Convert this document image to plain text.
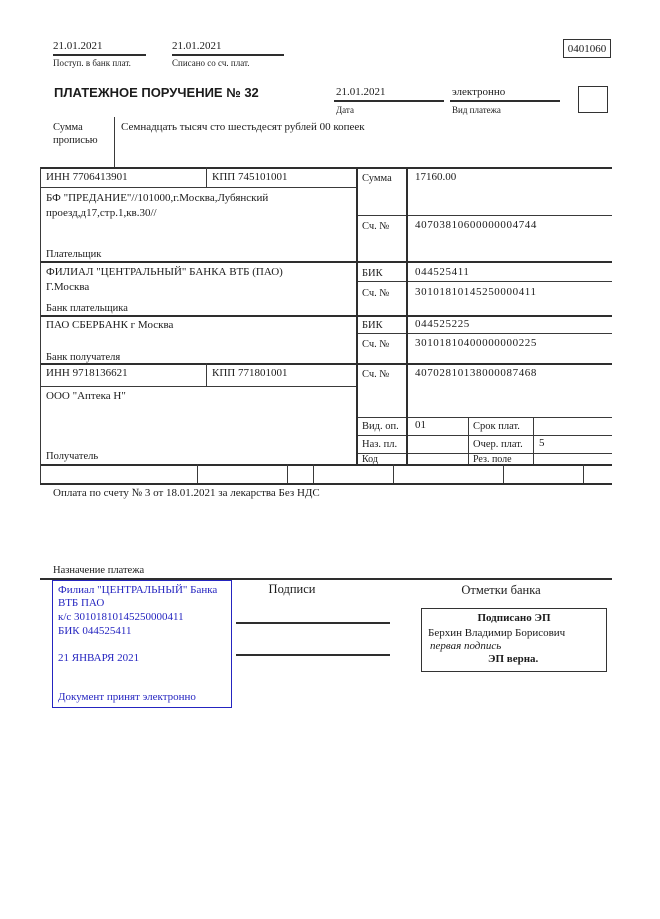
21.01.2021
Поступ. в банк плат.
21.01.2021
Списано со сч. плат.
0401060
ПЛАТЕЖНОЕ ПОРУЧЕНИЕ № 32	21.01.2021
Дата
электронно
Вид платежа
Сумма прописью
Семнадцать тысяч сто шестьдесят рублей 00 копеек
ИНН 7706413901	КПП 745101001	Сумма 17160.00
БФ "ПРЕДАНИЕ"//101000,г.Москва,Лубянский проезд,д17,стр.1,кв.30//
Сч. № 40703810600000004744
Плательщик
ФИЛИАЛ "ЦЕНТРАЛЬНЫЙ" БАНКА ВТБ (ПАО) Г.Москва
БИК	044525411
Сч. № 30101810145250000411
Банк плательщика
ПАО СБЕРБАНК г Москва	БИК	044525225
Сч. № 30101810400000000225
Банк получателя
ИНН 9718136621	КПП 771801001	Сч. № 40702810138000087468
ООО "Аптека Н"
Вид. оп. 01	Срок плат.
Наз. пл.	Очер. плат. 5
Код	Рез. поле
Получатель
Оплата по счету № 3 от 18.01.2021 за лекарства Без НДС
Назначение платежа
Подписи	Отметки банка
Филиал "ЦЕНТРАЛЬНЫЙ" Банка ВТБ ПАО
к/с 30101810145250000411
БИК 044525411
21 ЯНВАРЯ 2021
Документ принят электронно
Подписано ЭП
Берхин Владимир Борисович
первая подпись
ЭП верна.
